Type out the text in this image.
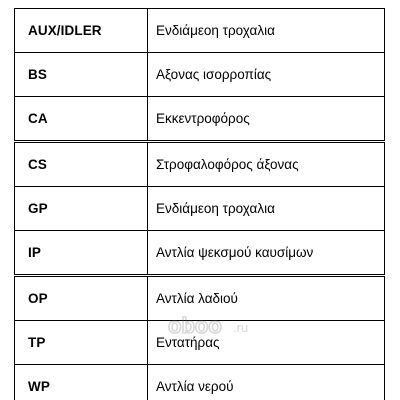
AUX/IDLER	Ενδιάμεοη τροχαλια
BS	Αξονας ισορροπίας
CA	Εκκεντροφόρος
CS	Στροφαλοφόρος άξονας
GP	Ενδιάμεοη τροχαλια
IP	Αντλία ψεκσμού καυσίμων
OP	Αντλία λαδιού
TP	Εντατήρας
WP	Αντλία νερού
oboo .ru
